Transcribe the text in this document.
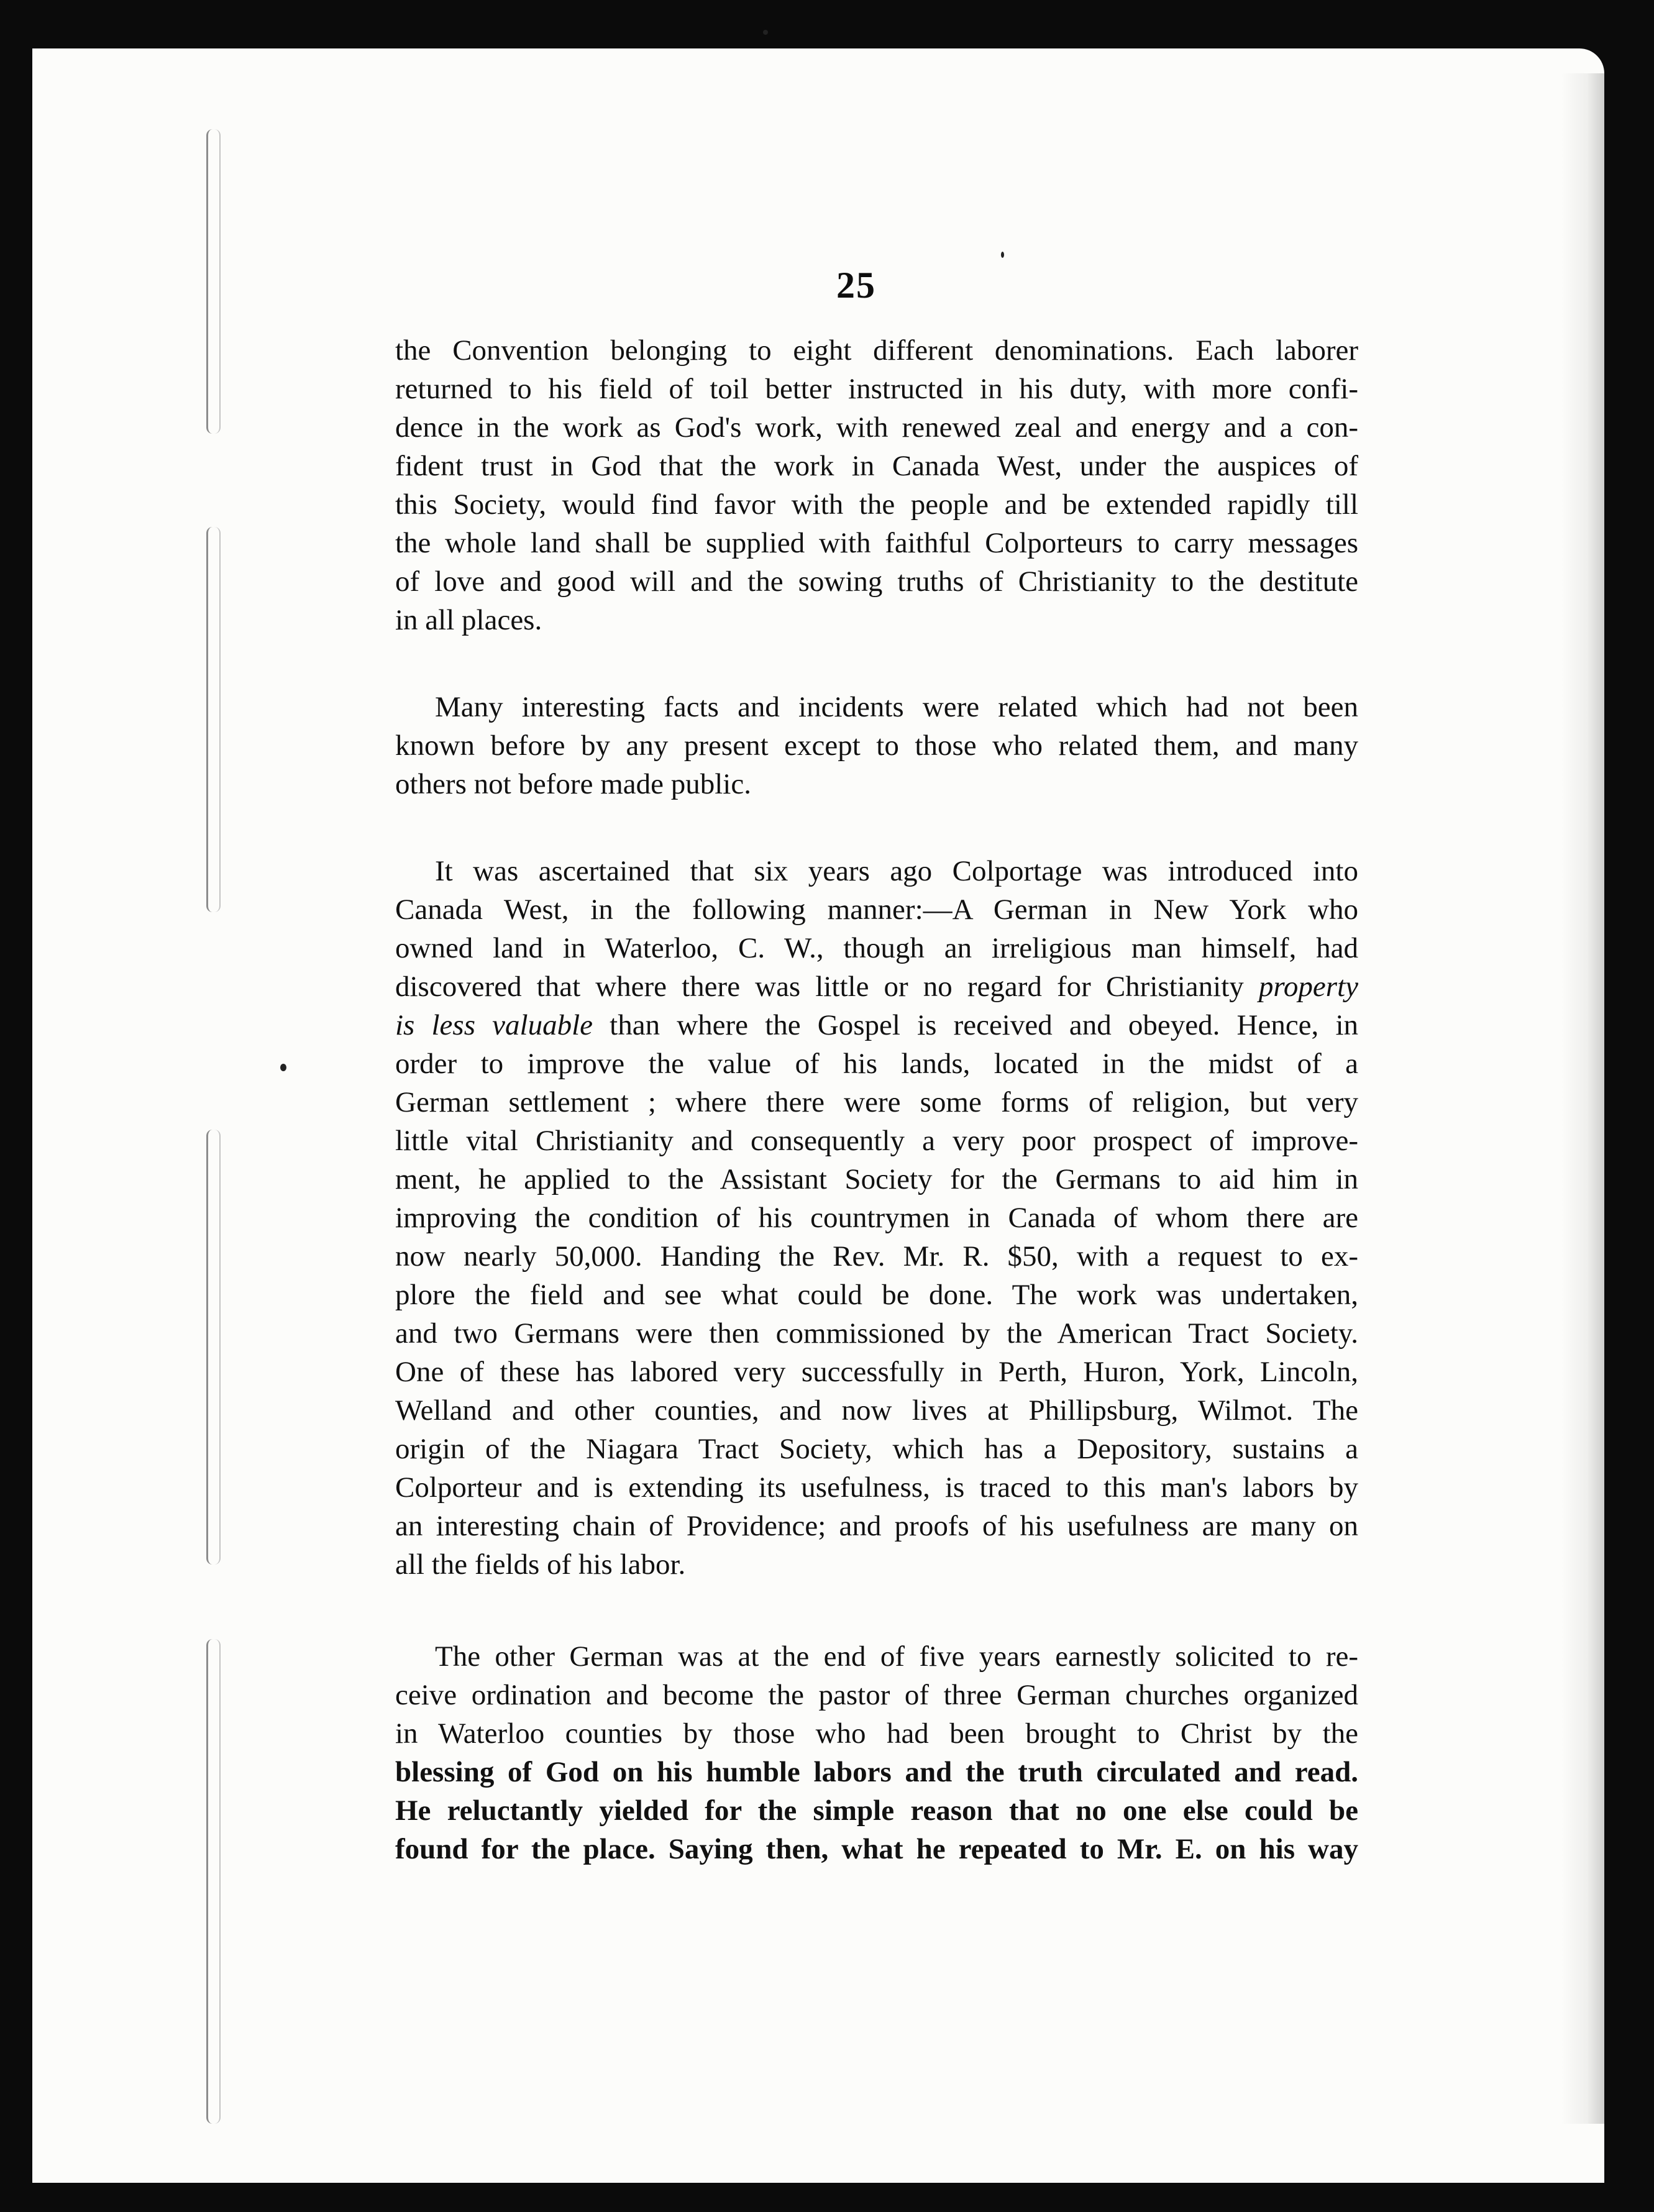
25
the Convention belonging to eight different denominations. Each laborer
returned to his field of toil better instructed in his duty, with more confi-
dence in the work as God's work, with renewed zeal and energy and a con-
fident trust in God that the work in Canada West, under the auspices of
this Society, would find favor with the people and be extended rapidly till
the whole land shall be supplied with faithful Colporteurs to carry messages
of love and good will and the sowing truths of Christianity to the destitute
in all places.
Many interesting facts and incidents were related which had not been
known before by any present except to those who related them, and many
others not before made public.
It was ascertained that six years ago Colportage was introduced into
Canada West, in the following manner:—A German in New York who
owned land in Waterloo, C. W., though an irreligious man himself, had
discovered that where there was little or no regard for Christianity property
is less valuable than where the Gospel is received and obeyed. Hence, in
order to improve the value of his lands, located in the midst of a
German settlement ; where there were some forms of religion, but very
little vital Christianity and consequently a very poor prospect of improve-
ment, he applied to the Assistant Society for the Germans to aid him in
improving the condition of his countrymen in Canada of whom there are
now nearly 50,000. Handing the Rev. Mr. R. $50, with a request to ex-
plore the field and see what could be done. The work was undertaken,
and two Germans were then commissioned by the American Tract Society.
One of these has labored very successfully in Perth, Huron, York, Lincoln,
Welland and other counties, and now lives at Phillipsburg, Wilmot. The
origin of the Niagara Tract Society, which has a Depository, sustains a
Colporteur and is extending its usefulness, is traced to this man's labors by
an interesting chain of Providence; and proofs of his usefulness are many on
all the fields of his labor.
The other German was at the end of five years earnestly solicited to re-
ceive ordination and become the pastor of three German churches organized
in Waterloo counties by those who had been brought to Christ by the
blessing of God on his humble labors and the truth circulated and read.
He reluctantly yielded for the simple reason that no one else could be
found for the place. Saying then, what he repeated to Mr. E. on his way
